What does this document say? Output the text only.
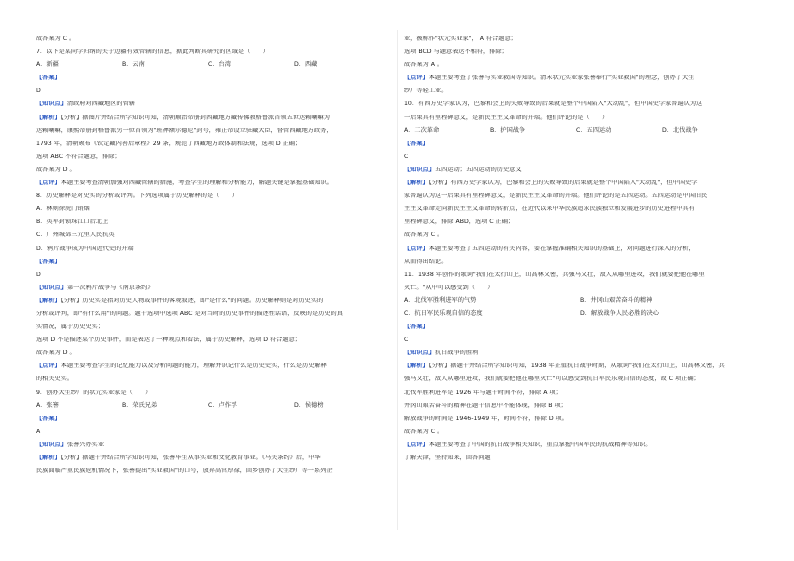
故答案为 C 。

7．以下是某同学归纳的关于边疆有效管辖的信息，据此判断其研究的区域是（　　）

A．新疆	B．云南	C．台湾	D．西藏

【答案】

D

【知识点】清政府对西藏地区的管辖

【解析】【分析】据图片并结合所学知识可知，清朝顺治帝册封西藏地方藏传佛教格鲁派首领五世达赖喇嘛为

达赖喇嘛，康熙帝册封格鲁派另一位首领为"班禅额尔德尼"封号，雍正帝设立驻藏大臣，督管西藏地方政务，

1793 年，清朝颁布《钦定藏内善后章程》29 条，规范了西藏地方政体制和法规，选项 D 正确；

选项 ABC 不符合题意，排除；

故答案为 D 。

【点评】本题主要考查清朝加强对西藏管辖的措施，考查学生的理解和分析能力，解题关键是掌握基础知识。

8．历史解释是对史实的分析或评判。下列选项属于历史解释的是（　　）

A．林则徐虎门销烟

B．英军封锁珠江口后北上

C．广州城郊三元里人民抗英

D．鸦片战争成为中国近代史的开端

【答案】

D

【知识点】第一次鸦片战争与《南京条约》

【解析】【分析】历史实是指对历史人物或事件的客观叙述，即"是什么"的问题。历史解释则是对历史实的

分析或评判，即"有什么用"的问题。题干选项中选项 ABC 是对当时的历史事件的描述性话语，反映的是历史的真

实情况，属于历史史实；

选项 D 不是描述某个历史事件，而是表达了一种观点和看法，属于历史解释，选项 D 符合题意；

故答案为 D 。

【点评】本题主要考查学生的记忆能力以及分析问题的能力，理解并识记什么是历史史实，什么是历史解释

的相关史实。

9．创办大生纱厂的状元实业家是（　　）

A．张謇	B．荣氏兄弟	C．卢作孚	D．侯德榜

【答案】

A

【知识点】张謇兴办实业

【解析】【分析】据题干并结合所学知识可知，张謇毕生从事实业和文化教育事业。《马关条约》后，中华

民族面临严重民族危机情况下，张謇提出"实业救国"的口号，放弃高官厚禄，回乡创办了大生纱厂等一系列企

业，被称作"状元实业家"， A 符合题意；

选项 BCD 与题意表达不相符，排除；

故答案为 A 。

【点评】本题主要考查了张謇与实业救国等知识。清末状元实业家张謇奉行"实业救国"的理念，创办了大生

纱厂等轻工业。

10．有西方史学家认为，巴黎和会上的失败导致的后果就是整个中国陷入"大动乱"，但中国史学家普遍认为这

一后果具有里程碑意义，是新民主主义革命的开端。他们评论的是（　　）

A．二次革命	B．护国战争	C．五四运动	D．北伐战争

【答案】

C

【知识点】五四运动；五四运动的历史意义

【解析】【分析】有西方史学家认为，巴黎和会上的失败导致的后果就是整个中国陷入"大动乱"，但中国史学

家普遍认为这一后果具有里程碑意义，是新民主主义革命的开端。他们评论的是五四运动。五四运动是中国旧民

主主义革命走向新民主主义革命的转折点，在近代以来中华民族追求民族独立和发展进步的历史进程中具有

里程碑意义，排除 ABD，选项 C 正确；

故答案为 C 。

【点评】本题主要考查了五四运动的有关内容，要在掌握准确相关知识的基础上，对问题进行深入的分析，

从而得出结论。

11．1938 年创作的歌词"我们在太行山上，山高林又密，兵强马又壮，敌人从哪里进攻，我们就要把他在哪里

灭亡。"从中可以感受到（　　）

A．北伐军胜利进军的气势	B．井冈山艰苦奋斗的精神
C．抗日军民乐观自信的态度	D．解放战争人民必胜的决心

【答案】

C

【知识点】抗日战争的胜利

【解析】【分析】据题干并结合所学知识可知，1938 年正值抗日战争时期，从歌词"我们在太行山上，山高林又密，兵

强马又壮，敌人从哪里进攻，我们就要把他在哪里灭亡"可以感受到抗日军民乐观自信的态度，故 C 项正确；

北伐军胜利进军是 1926 年与题干时间不符，排除 A 项；

井冈山艰苦奋斗的精神在题干信息中不能体现，排除 B 项；

解放战争的时间是 1946-1949 年，时间不符，排除 D 项。

故答案为 C 。

【点评】本题主要考查了中国的抗日战争相关知识，重点掌握中国军民的抗战精神等知识。

了解天津，坚持知来，回答问题
